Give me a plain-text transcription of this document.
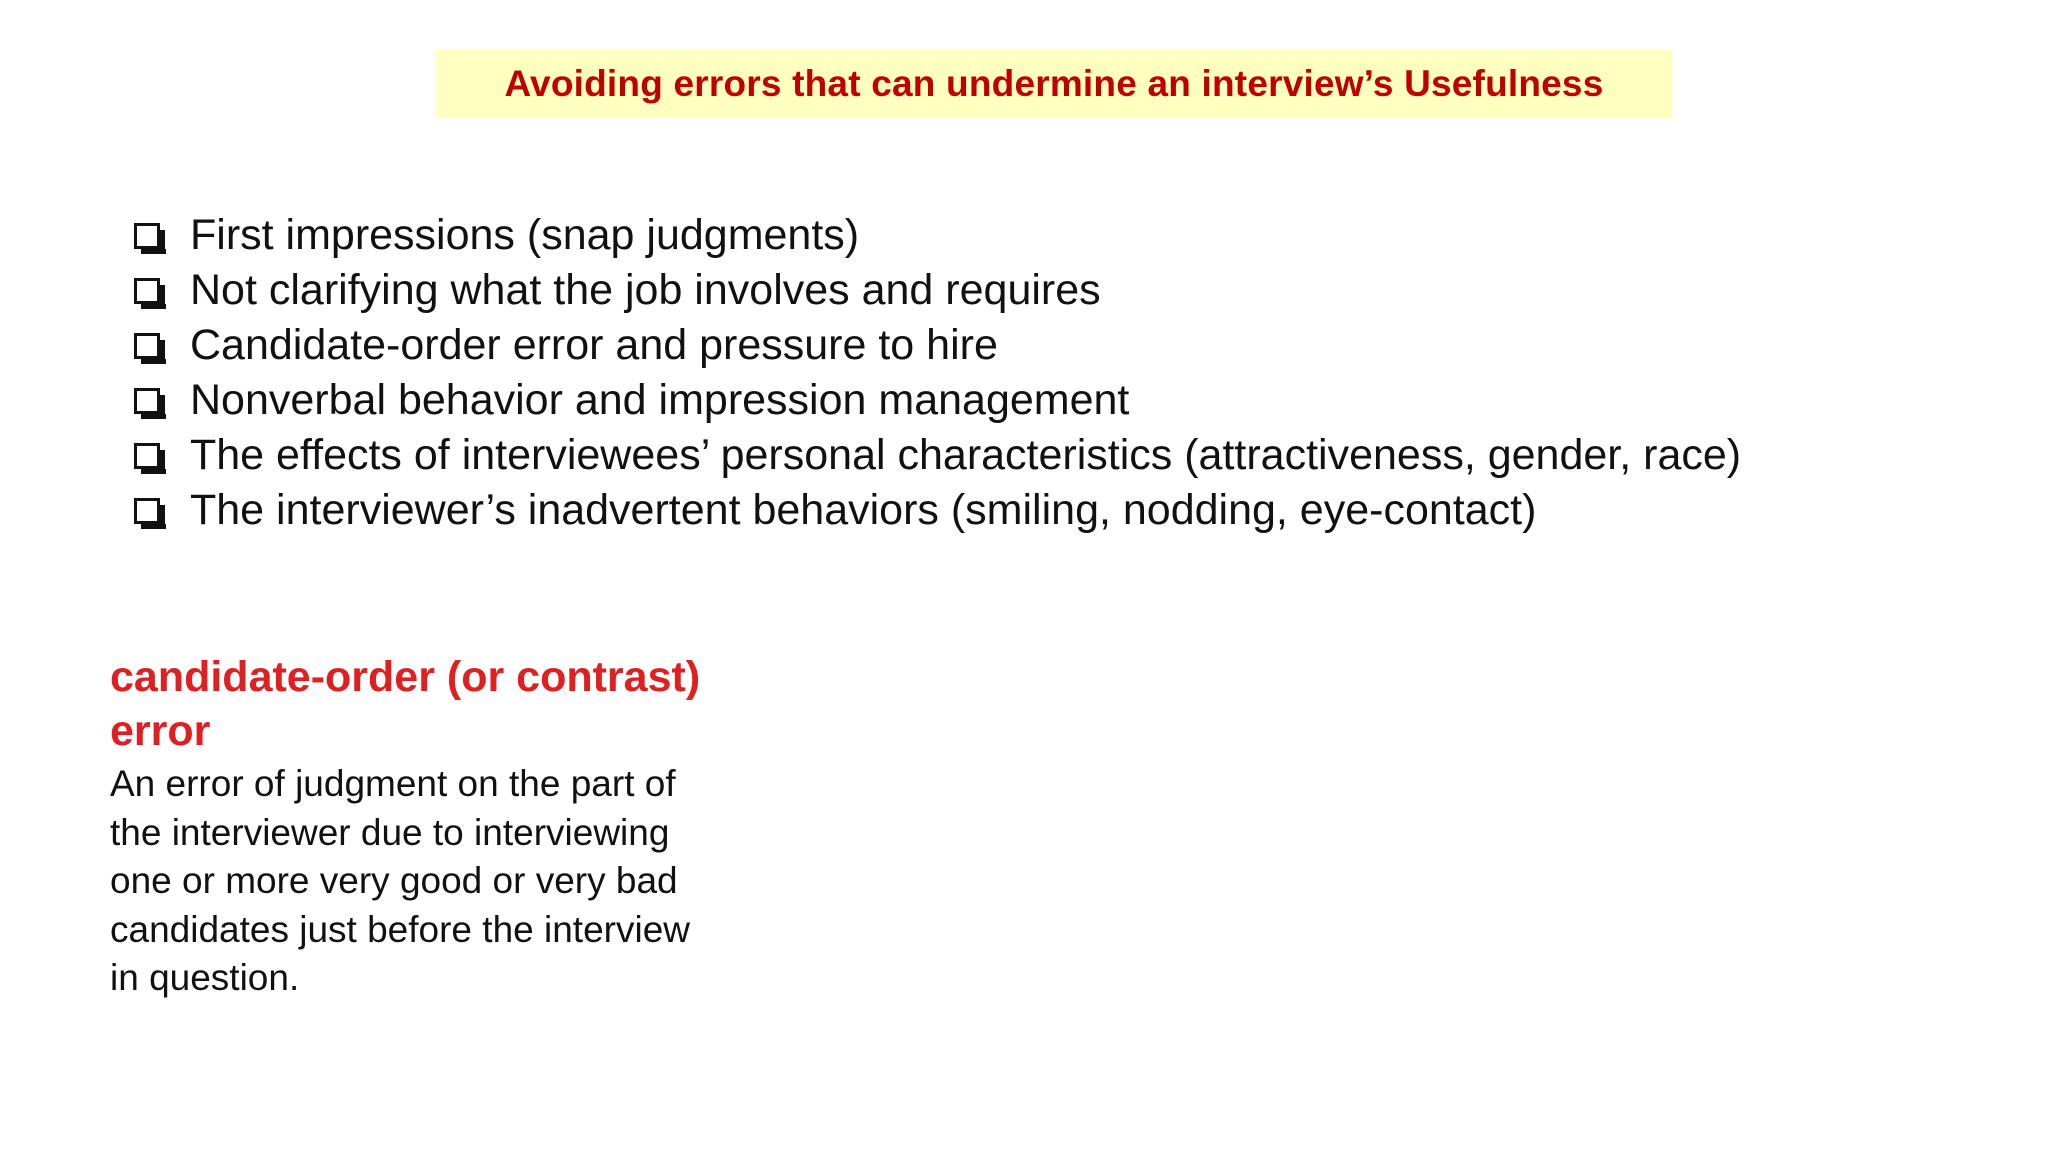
Avoiding errors that can undermine an interview’s Usefulness
First impressions (snap judgments)
Not clarifying what the job involves and requires
Candidate-order error and pressure to hire
Nonverbal behavior and impression management
The effects of interviewees’ personal characteristics (attractiveness, gender, race)
The interviewer’s inadvertent behaviors (smiling, nodding, eye-contact)
candidate-order (or contrast)
error
An error of judgment on the part of
the interviewer due to interviewing
one or more very good or very bad
candidates just before the interview
in question.
